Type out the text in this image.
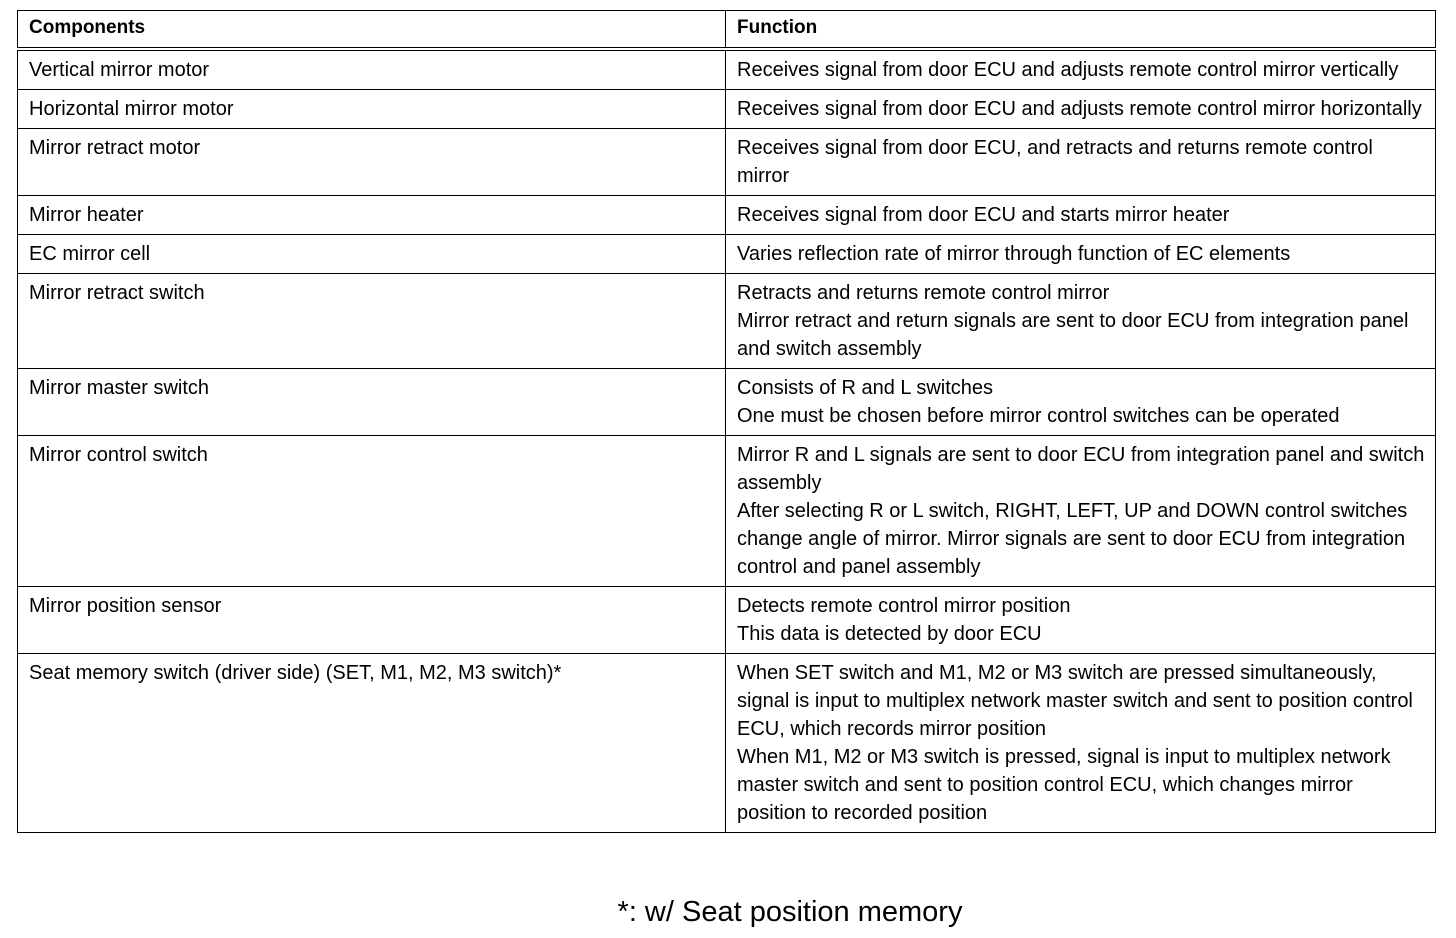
Components	Function
Vertical mirror motor	Receives signal from door ECU and adjusts remote control mirror vertically

Horizontal mirror motor	Receives signal from door ECU and adjusts remote control mirror horizontally

Mirror retract motor	Receives signal from door ECU, and retracts and returns remote control mirror

Mirror heater	Receives signal from door ECU and starts mirror heater

EC mirror cell	Varies reflection rate of mirror through function of EC elements

Mirror retract switch	Retracts and returns remote control mirror
Mirror retract and return signals are sent to door ECU from integration panel and switch assembly

Mirror master switch	Consists of R and L switches
One must be chosen before mirror control switches can be operated

Mirror control switch	Mirror R and L signals are sent to door ECU from integration panel and switch assembly
After selecting R or L switch, RIGHT, LEFT, UP and DOWN control switches change angle of mirror. Mirror signals are sent to door ECU from integration control and panel assembly

Mirror position sensor	Detects remote control mirror position
This data is detected by door ECU

Seat memory switch (driver side) (SET, M1, M2, M3 switch)*	When SET switch and M1, M2 or M3 switch are pressed simultaneously, signal is input to multiplex network master switch and sent to position control ECU, which records mirror position
When M1, M2 or M3 switch is pressed, signal is input to multiplex network master switch and sent to position control ECU, which changes mirror position to recorded position
*: w/ Seat position memory
